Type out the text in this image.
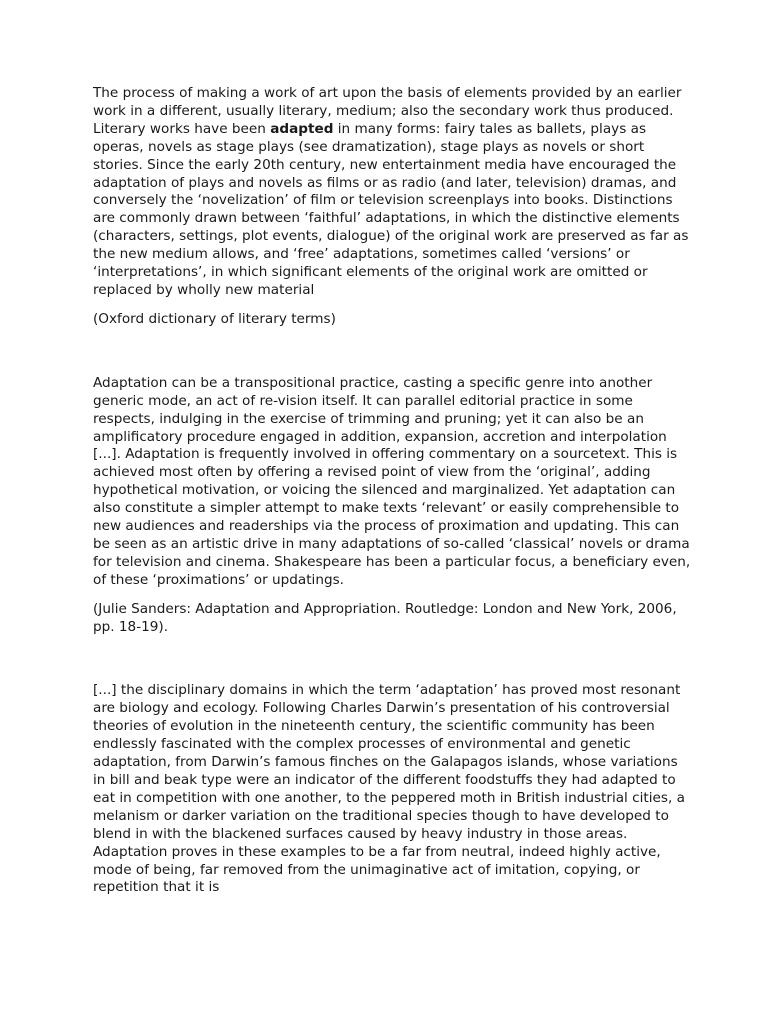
The process of making a work of art upon the basis of elements provided by an earlier work in a different, usually literary, medium; also the secondary work thus produced. Literary works have been adapted in many forms: fairy tales as ballets, plays as operas, novels as stage plays (see dramatization), stage plays as novels or short stories. Since the early 20th century, new entertainment media have encouraged the adaptation of plays and novels as films or as radio (and later, television) dramas, and conversely the ‘novelization’ of film or television screenplays into books. Distinctions are commonly drawn between ‘faithful’ adaptations, in which the distinctive elements (characters, settings, plot events, dialogue) of the original work are preserved as far as the new medium allows, and ‘free’ adaptations, sometimes called ‘versions’ or ‘interpretations’, in which significant elements of the original work are omitted or replaced by wholly new material

(Oxford dictionary of literary terms)

Adaptation can be a transpositional practice, casting a specific genre into another generic mode, an act of re-vision itself. It can parallel editorial practice in some respects, indulging in the exercise of trimming and pruning; yet it can also be an amplificatory procedure engaged in addition, expansion, accretion and interpolation [...]. Adaptation is frequently involved in offering commentary on a sourcetext. This is achieved most often by offering a revised point of view from the ‘original’, adding hypothetical motivation, or voicing the silenced and marginalized. Yet adaptation can also constitute a simpler attempt to make texts ‘relevant’ or easily comprehensible to new audiences and readerships via the process of proximation and updating. This can be seen as an artistic drive in many adaptations of so-called ‘classical’ novels or drama for television and cinema. Shakespeare has been a particular focus, a beneficiary even, of these ‘proximations’ or updatings.

(Julie Sanders: Adaptation and Appropriation. Routledge: London and New York, 2006, pp. 18-19).

[...] the disciplinary domains in which the term ‘adaptation’ has proved most resonant are biology and ecology. Following Charles Darwin’s presentation of his controversial theories of evolution in the nineteenth century, the scientific community has been endlessly fascinated with the complex processes of environmental and genetic adaptation, from Darwin’s famous finches on the Galapagos islands, whose variations in bill and beak type were an indicator of the different foodstuffs they had adapted to eat in competition with one another, to the peppered moth in British industrial cities, a melanism or darker variation on the traditional species though to have developed to blend in with the blackened surfaces caused by heavy industry in those areas. Adaptation proves in these examples to be a far from neutral, indeed highly active, mode of being, far removed from the unimaginative act of imitation, copying, or repetition that it is
